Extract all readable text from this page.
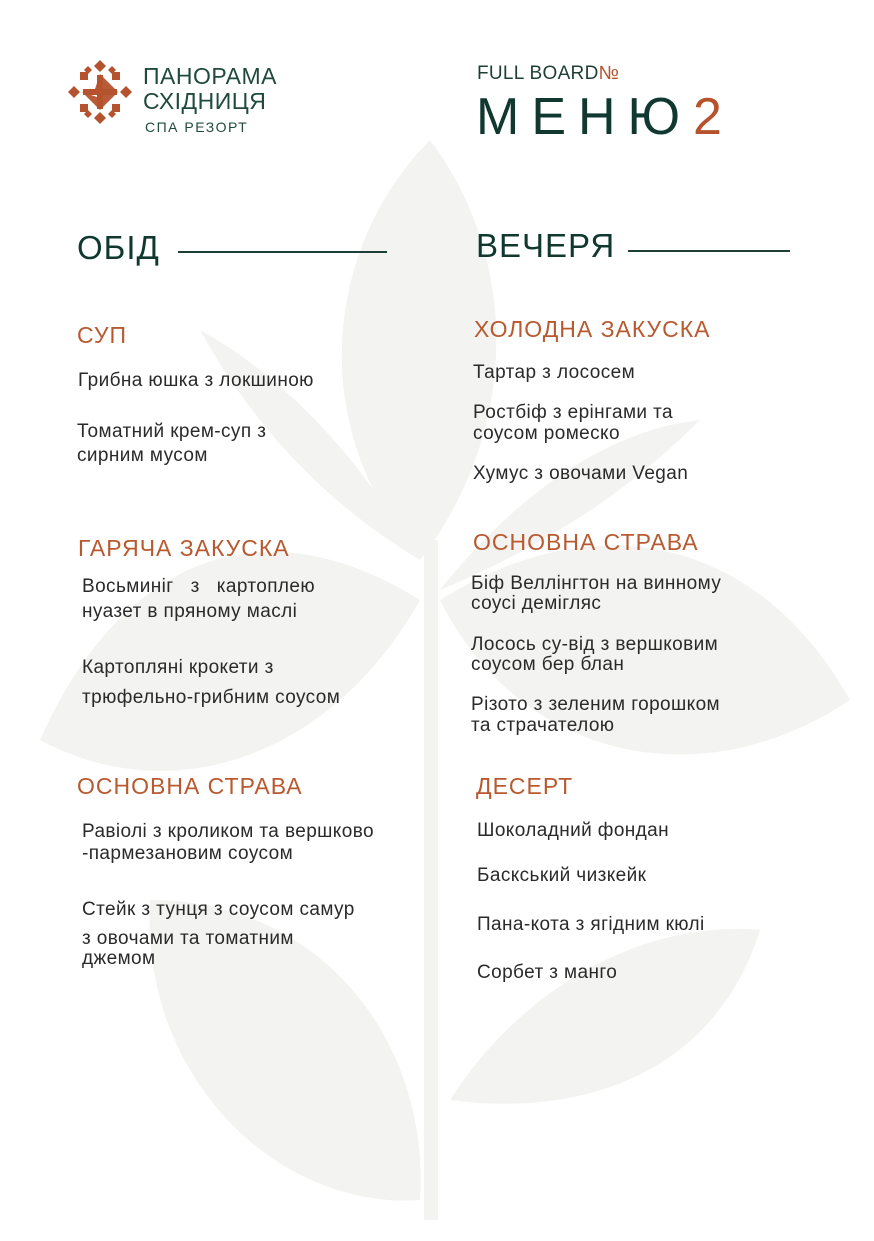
ПАНОРАМА
СХІДНИЦЯ
СПА РЕЗОРТ
FULL BOARD№
МЕНЮ 2
ОБІД
СУП
Грибна юшка з локшиною
Томатний крем-суп з
сирним мусом
ГАРЯЧА ЗАКУСКА
Восьминіг   з   картоплею
нуазет в пряному маслі
Картопляні крокети з
трюфельно-грибним соусом
ОСНОВНА СТРАВА
Равіолі з кроликом та вершково
-пармезановим соусом
Стейк з тунця з соусом самур
з овочами та томатним
джемом
ВЕЧЕРЯ
ХОЛОДНА ЗАКУСКА
Тартар з лососем
Ростбіф з ерінгами та
соусом ромеско
Хумус з овочами Vegan
ОСНОВНА СТРАВА
Біф Веллінгтон на винному
соусі демігляс
Лосось су-від з вершковим
соусом бер блан
Різото з зеленим горошком
та страчателою
ДЕСЕРТ
Шоколадний фондан
Баскський чизкейк
Пана-кота з ягідним кюлі
Сорбет з манго
